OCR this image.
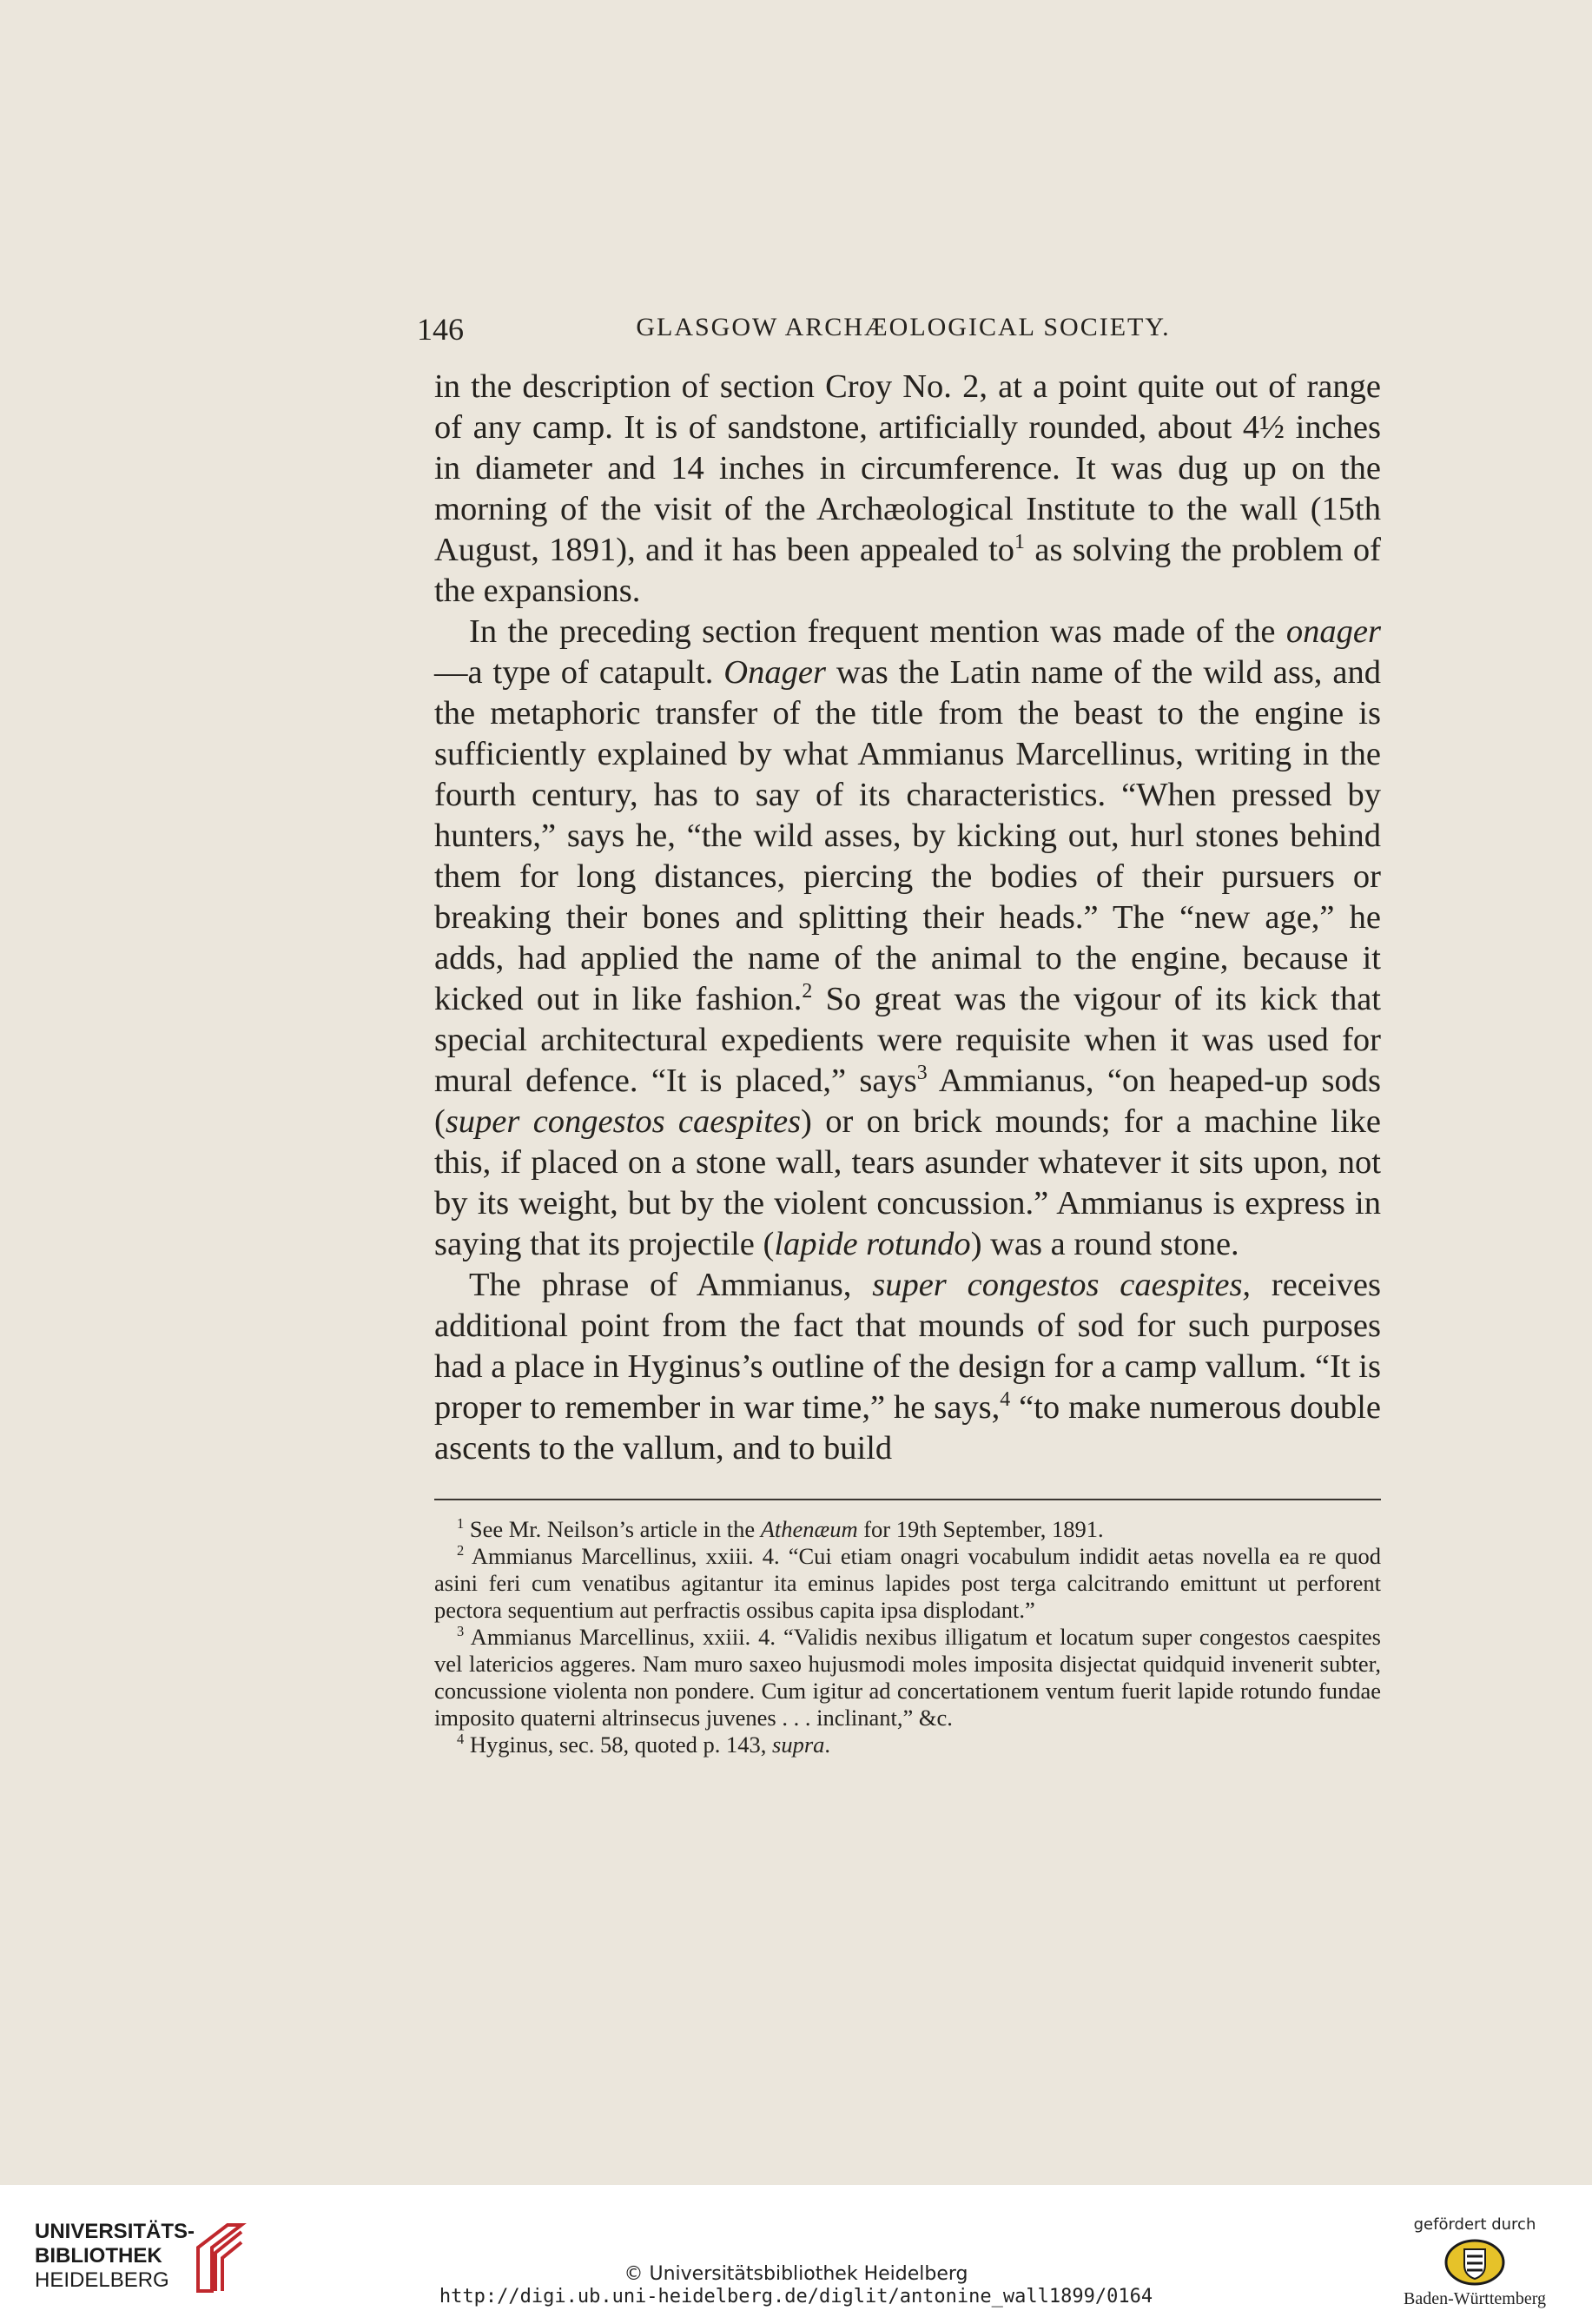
146	GLASGOW ARCHÆOLOGICAL SOCIETY.

in the description of section Croy No. 2, at a point quite out of range of any camp. It is of sandstone, artificially rounded, about 4½ inches in diameter and 14 inches in circumference. It was dug up on the morning of the visit of the Archæological Institute to the wall (15th August, 1891), and it has been appealed $to^1$ as solving the problem of the expansions.

In the preceding section frequent mention was made of the onager—a type of catapult. Onager was the Latin name of the wild ass, and the metaphoric transfer of the title from the beast to the engine is sufficiently explained by what Ammianus Marcellinus, writing in the fourth century, has to say of its characteristics. “When pressed by hunters,” says he, “the wild asses, by kicking out, hurl stones behind them for long distances, piercing the bodies of their pursuers or breaking their bones and splitting their heads.” The “new age,” he adds, had applied the name of the animal to the engine, because it kicked out in like fashion.$^2$ So great was the vigour of its kick that special architectural expedients were requisite when it was used for mural defence. “It is placed,” says$^3$ Ammianus, “on heaped-up sods (super congestos caespites) or on brick mounds; for a machine like this, if placed on a stone wall, tears asunder whatever it sits upon, not by its weight, but by the violent concussion.” Ammianus is express in saying that its projectile (lapide rotundo) was a round stone.

The phrase of Ammianus, super congestos caespites, receives additional point from the fact that mounds of sod for such purposes had a place in Hyginus’s outline of the design for a camp vallum. “It is proper to remember in war time,” he says,$^4$ “to make numerous double ascents to the vallum, and to build

$^1$ See Mr. Neilson’s article in the Athenæum for 19th September, 1891.

$^2$ Ammianus Marcellinus, xxiii. 4. “Cui etiam onagri vocabulum indidit aetas novella ea re quod asini feri cum venatibus agitantur ita eminus lapides post terga calcitrando emittunt ut perforent pectora sequentium aut perfractis ossibus capita ipsa displodant.”

$^3$ Ammianus Marcellinus, xxiii. 4. “Validis nexibus illigatum et locatum super congestos caespites vel latericios aggeres. Nam muro saxeo hujusmodi moles imposita disjectat quidquid invenerit subter, concussione violenta non pondere. Cum igitur ad concertationem ventum fuerit lapide rotundo fundae imposito quaterni altrinsecus juvenes . . . inclinant,” &c.

$^4$ Hyginus, sec. 58, quoted p. 143, supra.

UNIVERSITÄTS-
BIBLIOTHEK
HEIDELBERG	© Universitätsbibliothek Heidelberg
http://digi.ub.uni-heidelberg.de/diglit/antonine_wall1899/0164
gefördert durch
Baden-Württemberg
